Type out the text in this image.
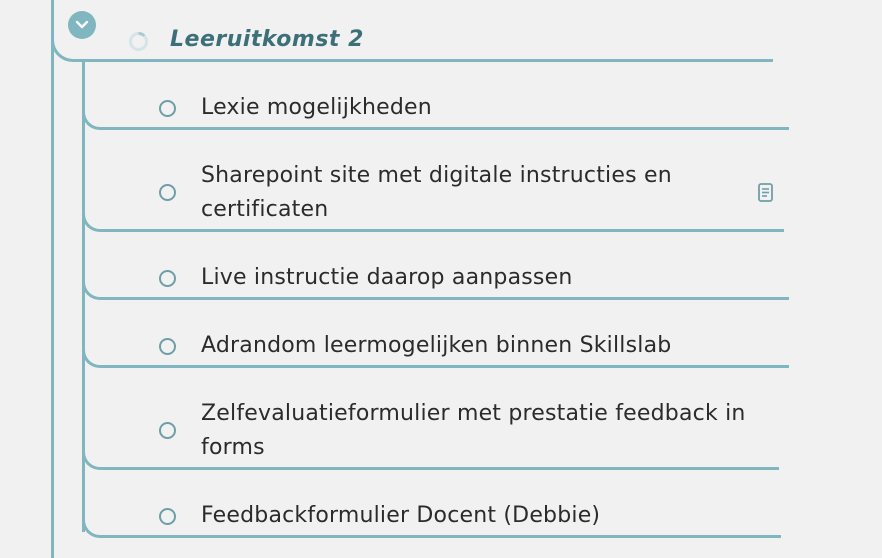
Leeruitkomst 2
Lexie mogelijkheden
Sharepoint site met digitale instructies en
certificaten
Live instructie daarop aanpassen
Adrandom leermogelijken binnen Skillslab
Zelfevaluatieformulier met prestatie feedback in
forms
Feedbackformulier Docent (Debbie)
